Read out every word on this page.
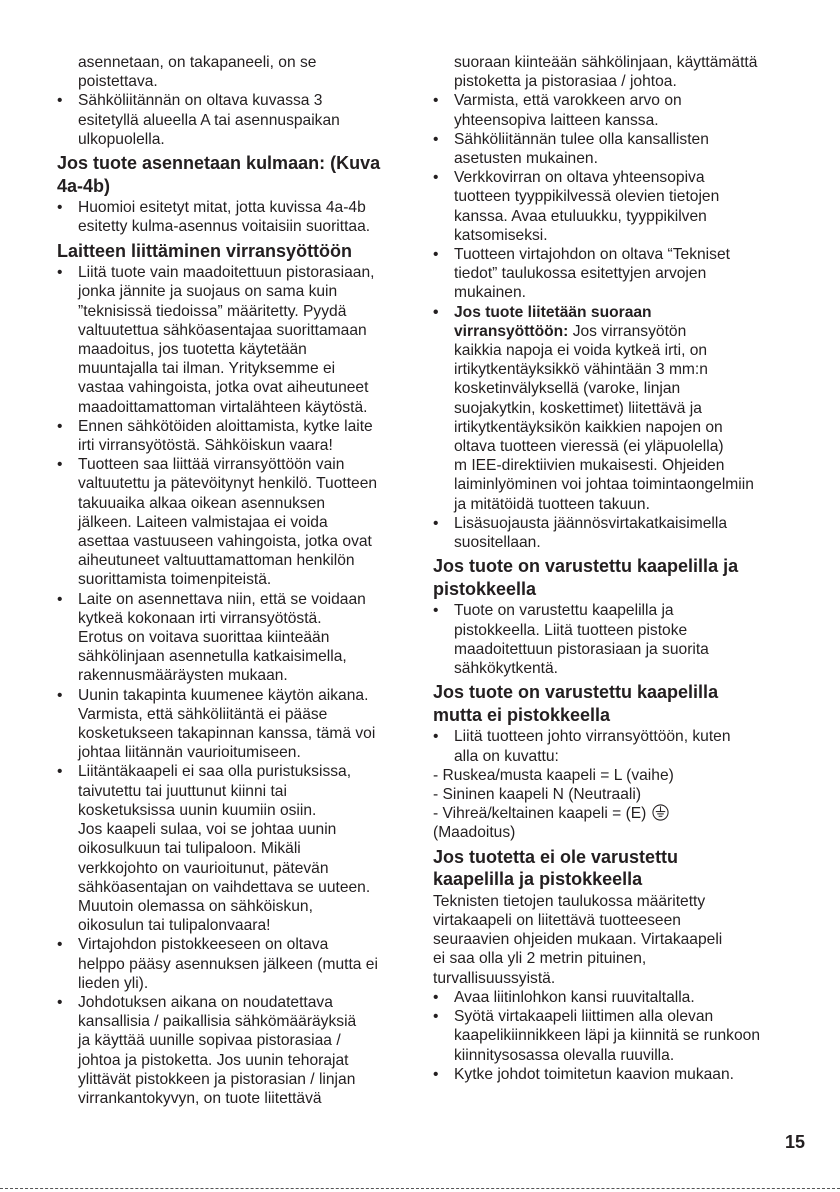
asennetaan, on takapaneeli, on se
poistettava.
• Sähköliitännän on oltava kuvassa 3
esitetyllä alueella A tai asennuspaikan
ulkopuolella.
Jos tuote asennetaan kulmaan: (Kuva
4a-4b)
• Huomioi esitetyt mitat, jotta kuvissa 4a-4b
esitetty kulma-asennus voitaisiin suorittaa.
Laitteen liittäminen virransyöttöön
• Liitä tuote vain maadoitettuun pistorasiaan,
jonka jännite ja suojaus on sama kuin
”teknisissä tiedoissa” määritetty. Pyydä
valtuutettua sähköasentajaa suorittamaan
maadoitus, jos tuotetta käytetään
muuntajalla tai ilman. Yrityksemme ei
vastaa vahingoista, jotka ovat aiheutuneet
maadoittamattoman virtalähteen käytöstä.
• Ennen sähkötöiden aloittamista, kytke laite
irti virransyötöstä. Sähköiskun vaara!
• Tuotteen saa liittää virransyöttöön vain
valtuutettu ja pätevöitynyt henkilö. Tuotteen
takuuaika alkaa oikean asennuksen
jälkeen. Laiteen valmistajaa ei voida
asettaa vastuuseen vahingoista, jotka ovat
aiheutuneet valtuuttamattoman henkilön
suorittamista toimenpiteistä.
• Laite on asennettava niin, että se voidaan
kytkeä kokonaan irti virransyötöstä.
Erotus on voitava suorittaa kiinteään
sähkölinjaan asennetulla katkaisimella,
rakennusmääräysten mukaan.
• Uunin takapinta kuumenee käytön aikana.
Varmista, että sähköliitäntä ei pääse
kosketukseen takapinnan kanssa, tämä voi
johtaa liitännän vaurioitumiseen.
• Liitäntäkaapeli ei saa olla puristuksissa,
taivutettu tai juuttunut kiinni tai
kosketuksissa uunin kuumiin osiin.
Jos kaapeli sulaa, voi se johtaa uunin
oikosulkuun tai tulipaloon. Mikäli
verkkojohto on vaurioitunut, pätevän
sähköasentajan on vaihdettava se uuteen.
Muutoin olemassa on sähköiskun,
oikosulun tai tulipalonvaara!
• Virtajohdon pistokkeeseen on oltava
helppo pääsy asennuksen jälkeen (mutta ei
lieden yli).
• Johdotuksen aikana on noudatettava
kansallisia / paikallisia sähkömääräyksiä
ja käyttää uunille sopivaa pistorasiaa /
johtoa ja pistoketta. Jos uunin tehorajat
ylittävät pistokkeen ja pistorasian / linjan
virrankantokyvyn, on tuote liitettävä
suoraan kiinteään sähkölinjaan, käyttämättä
pistoketta ja pistorasiaa / johtoa.
• Varmista, että varokkeen arvo on
yhteensopiva laitteen kanssa.
• Sähköliitännän tulee olla kansallisten
asetusten mukainen.
• Verkkovirran on oltava yhteensopiva
tuotteen tyyppikilvessä olevien tietojen
kanssa. Avaa etuluukku, tyyppikilven
katsomiseksi.
• Tuotteen virtajohdon on oltava “Tekniset
tiedot” taulukossa esitettyjen arvojen
mukainen.
• Jos tuote liitetään suoraan
virransyöttöön: Jos virransyötön
kaikkia napoja ei voida kytkeä irti, on
irtikytkentäyksikkö vähintään 3 mm:n
kosketinvälyksellä (varoke, linjan
suojakytkin, koskettimet) liitettävä ja
irtikytkentäyksikön kaikkien napojen on
oltava tuotteen vieressä (ei yläpuolella)
m IEE-direktiivien mukaisesti. Ohjeiden
laiminlyöminen voi johtaa toimintaongelmiin
ja mitätöidä tuotteen takuun.
• Lisäsuojausta jäännösvirtakatkaisimella
suositellaan.
Jos tuote on varustettu kaapelilla ja
pistokkeella
• Tuote on varustettu kaapelilla ja
pistokkeella. Liitä tuotteen pistoke
maadoitettuun pistorasiaan ja suorita
sähkökytkentä.
Jos tuote on varustettu kaapelilla
mutta ei pistokkeella
• Liitä tuotteen johto virransyöttöön, kuten
alla on kuvattu:
- Ruskea/musta kaapeli = L (vaihe)
- Sininen kaapeli N (Neutraali)
- Vihreä/keltainen kaapeli = (E)
(Maadoitus)
Jos tuotetta ei ole varustettu
kaapelilla ja pistokkeella

Teknisten tietojen taulukossa määritetty
virtakaapeli on liitettävä tuotteeseen
seuraavien ohjeiden mukaan. Virtakaapeli
ei saa olla yli 2 metrin pituinen,
turvallisuussyistä.

• Avaa liitinlohkon kansi ruuvitaltalla.
• Syötä virtakaapeli liittimen alla olevan
kaapelikiinnikkeen läpi ja kiinnitä se runkoon
kiinnitysosassa olevalla ruuvilla.
• Kytke johdot toimitetun kaavion mukaan.
15
